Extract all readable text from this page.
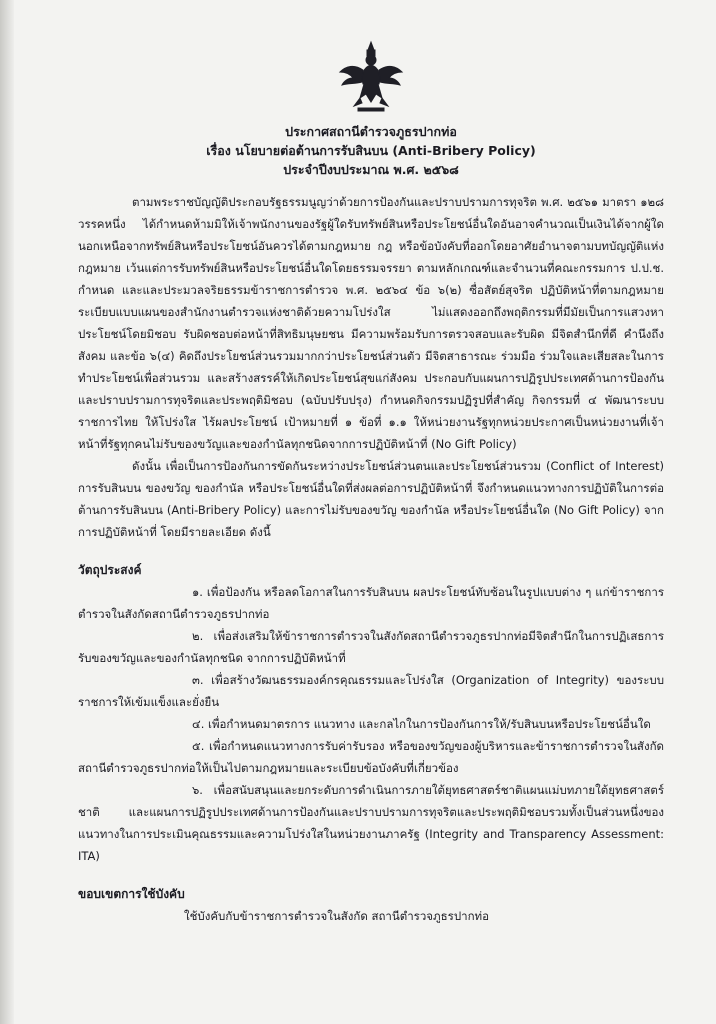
ประกาศสถานีตำรวจภูธรปากท่อ
เรื่อง นโยบายต่อต้านการรับสินบน (Anti-Bribery Policy)
ประจำปีงบประมาณ พ.ศ. ๒๕๖๘

ตามพระราชบัญญัติประกอบรัฐธรรมนูญว่าด้วยการป้องกันและปราบปรามการทุจริต พ.ศ. ๒๕๖๑ มาตรา ๑๒๘ วรรคหนึ่ง ได้กำหนดห้ามมิให้เจ้าพนักงานของรัฐผู้ใดรับทรัพย์สินหรือประโยชน์อื่นใดอันอาจคำนวณเป็นเงินได้จากผู้ใด นอกเหนือจากทรัพย์สินหรือประโยชน์อันควรได้ตามกฎหมาย กฎ หรือข้อบังคับที่ออกโดยอาศัยอำนาจตามบทบัญญัติแห่งกฎหมาย เว้นแต่การรับทรัพย์สินหรือประโยชน์อื่นใดโดยธรรมจรรยา ตามหลักเกณฑ์และจำนวนที่คณะกรรมการ ป.ป.ช. กำหนด และและประมวลจริยธรรมข้าราชการตำรวจ พ.ศ. ๒๕๖๔ ข้อ ๖(๒) ซื่อสัตย์สุจริต ปฏิบัติหน้าที่ตามกฎหมาย ระเบียบแบบแผนของสำนักงานตำรวจแห่งชาติด้วยความโปร่งใส ไม่แสดงออกถึงพฤติกรรมที่มีมัยเป็นการแสวงหาประโยชน์โดยมิชอบ รับผิดชอบต่อหน้าที่สิทธิมนุษยชน มีความพร้อมรับการตรวจสอบและรับผิด มีจิตสำนึกที่ดี คำนึงถึงสังคม และข้อ ๖(๔) คิดถึงประโยชน์ส่วนรวมมากกว่าประโยชน์ส่วนตัว มีจิตสาธารณะ ร่วมมือ ร่วมใจและเสียสละในการทำประโยชน์เพื่อส่วนรวม และสร้างสรรค์ให้เกิดประโยชน์สุขแก่สังคม ประกอบกับแผนการปฏิรูปประเทศด้านการป้องกันและปราบปรามการทุจริตและประพฤติมิชอบ (ฉบับปรับปรุง) กำหนดกิจกรรมปฏิรูปที่สำคัญ กิจกรรมที่ ๔ พัฒนาระบบราชการไทย ให้โปร่งใส ไร้ผลประโยชน์ เป้าหมายที่ ๑ ข้อที่ ๑.๑ ให้หน่วยงานรัฐทุกหน่วยประกาศเป็นหน่วยงานที่เจ้าหน้าที่รัฐทุกคนไม่รับของขวัญและของกำนัลทุกชนิดจากการปฏิบัติหน้าที่ (No Gift Policy)

ดังนั้น เพื่อเป็นการป้องกันการขัดกันระหว่างประโยชน์ส่วนตนและประโยชน์ส่วนรวม (Conflict of Interest) การรับสินบน ของขวัญ ของกำนัล หรือประโยชน์อื่นใดที่ส่งผลต่อการปฏิบัติหน้าที่ จึงกำหนดแนวทางการปฏิบัติในการต่อต้านการรับสินบน (Anti-Bribery Policy) และการไม่รับของขวัญ ของกำนัล หรือประโยชน์อื่นใด (No Gift Policy) จากการปฏิบัติหน้าที่ โดยมีรายละเอียด ดังนี้

วัตถุประสงค์

๑. เพื่อป้องกัน หรือลดโอกาสในการรับสินบน ผลประโยชน์ทับซ้อนในรูปแบบต่าง ๆ แก่ข้าราชการตำรวจในสังกัดสถานีตำรวจภูธรปากท่อ

๒. เพื่อส่งเสริมให้ข้าราชการตำรวจในสังกัดสถานีตำรวจภูธรปากท่อมีจิตสำนึกในการปฏิเสธการรับของขวัญและของกำนัลทุกชนิด จากการปฏิบัติหน้าที่

๓. เพื่อสร้างวัฒนธรรมองค์กรคุณธรรมและโปร่งใส (Organization of Integrity) ของระบบราชการให้เข้มแข็งและยั่งยืน

๔. เพื่อกำหนดมาตรการ แนวทาง และกลไกในการป้องกันการให้/รับสินบนหรือประโยชน์อื่นใด

๕. เพื่อกำหนดแนวทางการรับค่ารับรอง หรือของขวัญของผู้บริหารและข้าราชการตำรวจในสังกัดสถานีตำรวจภูธรปากท่อให้เป็นไปตามกฎหมายและระเบียบข้อบังคับที่เกี่ยวข้อง

๖. เพื่อสนับสนุนและยกระดับการดำเนินการภายใต้ยุทธศาสตร์ชาติแผนแม่บทภายใต้ยุทธศาสตร์ชาติ และแผนการปฏิรูปประเทศด้านการป้องกันและปราบปรามการทุจริตและประพฤติมิชอบรวมทั้งเป็นส่วนหนึ่งของแนวทางในการประเมินคุณธรรมและความโปร่งใสในหน่วยงานภาครัฐ (Integrity and Transparency Assessment: ITA)

ขอบเขตการใช้บังคับ

ใช้บังคับกับข้าราชการตำรวจในสังกัด สถานีตำรวจภูธรปากท่อ
